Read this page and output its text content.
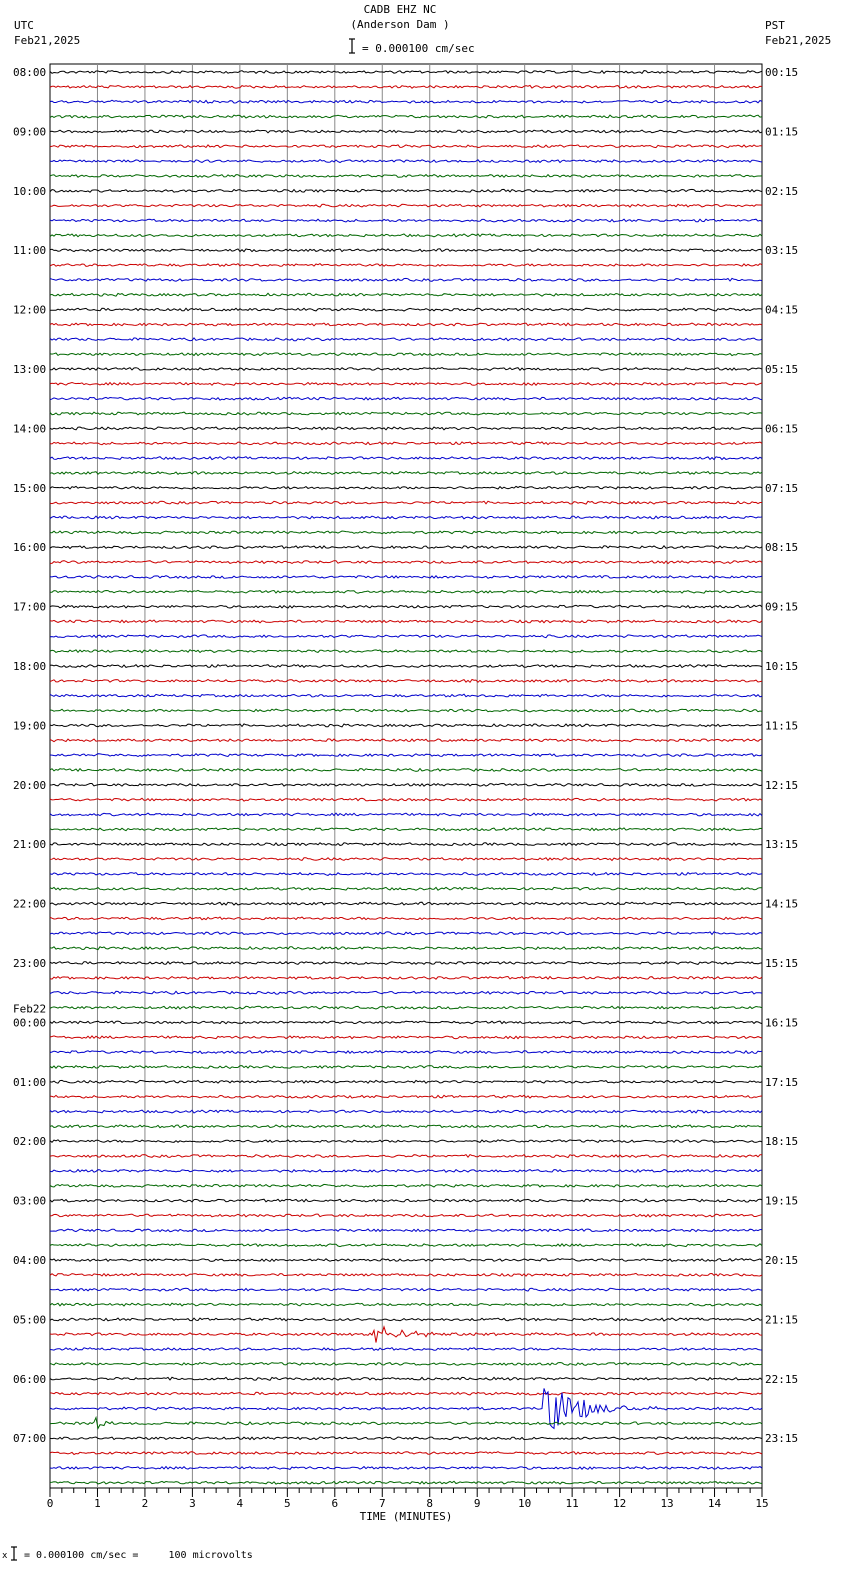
CADB EHZ NC
(Anderson Dam )
= 0.000100 cm/sec
UTC
Feb21,2025
PST
Feb21,2025
x = 0.000100 cm/sec =     100 microvolts
0	1	2	3	4	5	6	7	8	9	10	11	12	13	14	15
TIME (MINUTES)
08:00
09:00
10:00
11:00
12:00
13:00
14:00
15:00
16:00
17:00
18:00
19:00
20:00
21:00
22:00
23:00
00:00
Feb22
01:00
02:00
03:00
04:00
05:00
06:00
07:00
00:15
01:15
02:15
03:15
04:15
05:15
06:15
07:15
08:15
09:15
10:15
11:15
12:15
13:15
14:15
15:15
16:15
17:15
18:15
19:15
20:15
21:15
22:15
23:15
